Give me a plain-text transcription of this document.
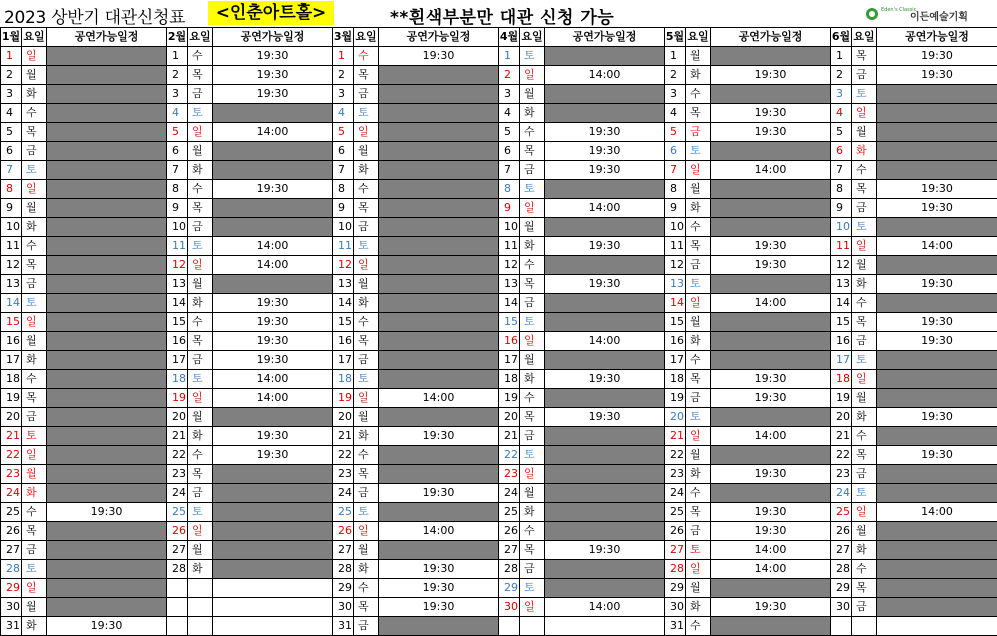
2023 상반기 대관신청표	<인춘아트홀>	**흰색부분만 대관 신청 가능	Eden's Classic
이든예술기획
1월	요일	공연가능일정	2월	요일	공연가능일정	3월	요일	공연가능일정	4월	요일	공연가능일정	5월	요일	공연가능일정	6월	요일	공연가능일정
1	일		1	수	19:30	1	수	19:30	1	토		1	월		1	목	19:30
2	월		2	목	19:30	2	목		2	일	14:00	2	화	19:30	2	금	19:30
3	화		3	금	19:30	3	금		3	월		3	수		3	토	
4	수		4	토		4	토		4	화		4	목	19:30	4	일	
5	목		5	일	14:00	5	일		5	수	19:30	5	금	19:30	5	월	
6	금		6	월		6	월		6	목	19:30	6	토		6	화	
7	토		7	화		7	화		7	금	19:30	7	일	14:00	7	수	
8	일		8	수	19:30	8	수		8	토		8	월		8	목	19:30
9	월		9	목		9	목		9	일	14:00	9	화		9	금	19:30
10	화		10	금		10	금		10	월		10	수		10	토	
11	수		11	토	14:00	11	토		11	화	19:30	11	목	19:30	11	일	14:00
12	목		12	일	14:00	12	일		12	수		12	금	19:30	12	월	
13	금		13	월		13	월		13	목	19:30	13	토		13	화	19:30
14	토		14	화	19:30	14	화		14	금		14	일	14:00	14	수	
15	일		15	수	19:30	15	수		15	토		15	월		15	목	19:30
16	월		16	목	19:30	16	목		16	일	14:00	16	화		16	금	19:30
17	화		17	금	19:30	17	금		17	월		17	수		17	토	
18	수		18	토	14:00	18	토		18	화	19:30	18	목	19:30	18	일	
19	목		19	일	14:00	19	일	14:00	19	수		19	금	19:30	19	월	
20	금		20	월		20	월		20	목	19:30	20	토		20	화	19:30
21	토		21	화	19:30	21	화	19:30	21	금		21	일	14:00	21	수	
22	일		22	수	19:30	22	수		22	토		22	월		22	목	19:30
23	월		23	목		23	목		23	일		23	화	19:30	23	금	
24	화		24	금		24	금	19:30	24	월		24	수		24	토	
25	수	19:30	25	토		25	토		25	화		25	목	19:30	25	일	14:00
26	목		26	일		26	일	14:00	26	수		26	금	19:30	26	월	
27	금		27	월		27	월		27	목	19:30	27	토	14:00	27	화	
28	토		28	화		28	화	19:30	28	금		28	일	14:00	28	수	
29	일					29	수	19:30	29	토		29	월		29	목	
30	월					30	목	19:30	30	일	14:00	30	화	19:30	30	금	
31	화	19:30				31	금					31	수				
